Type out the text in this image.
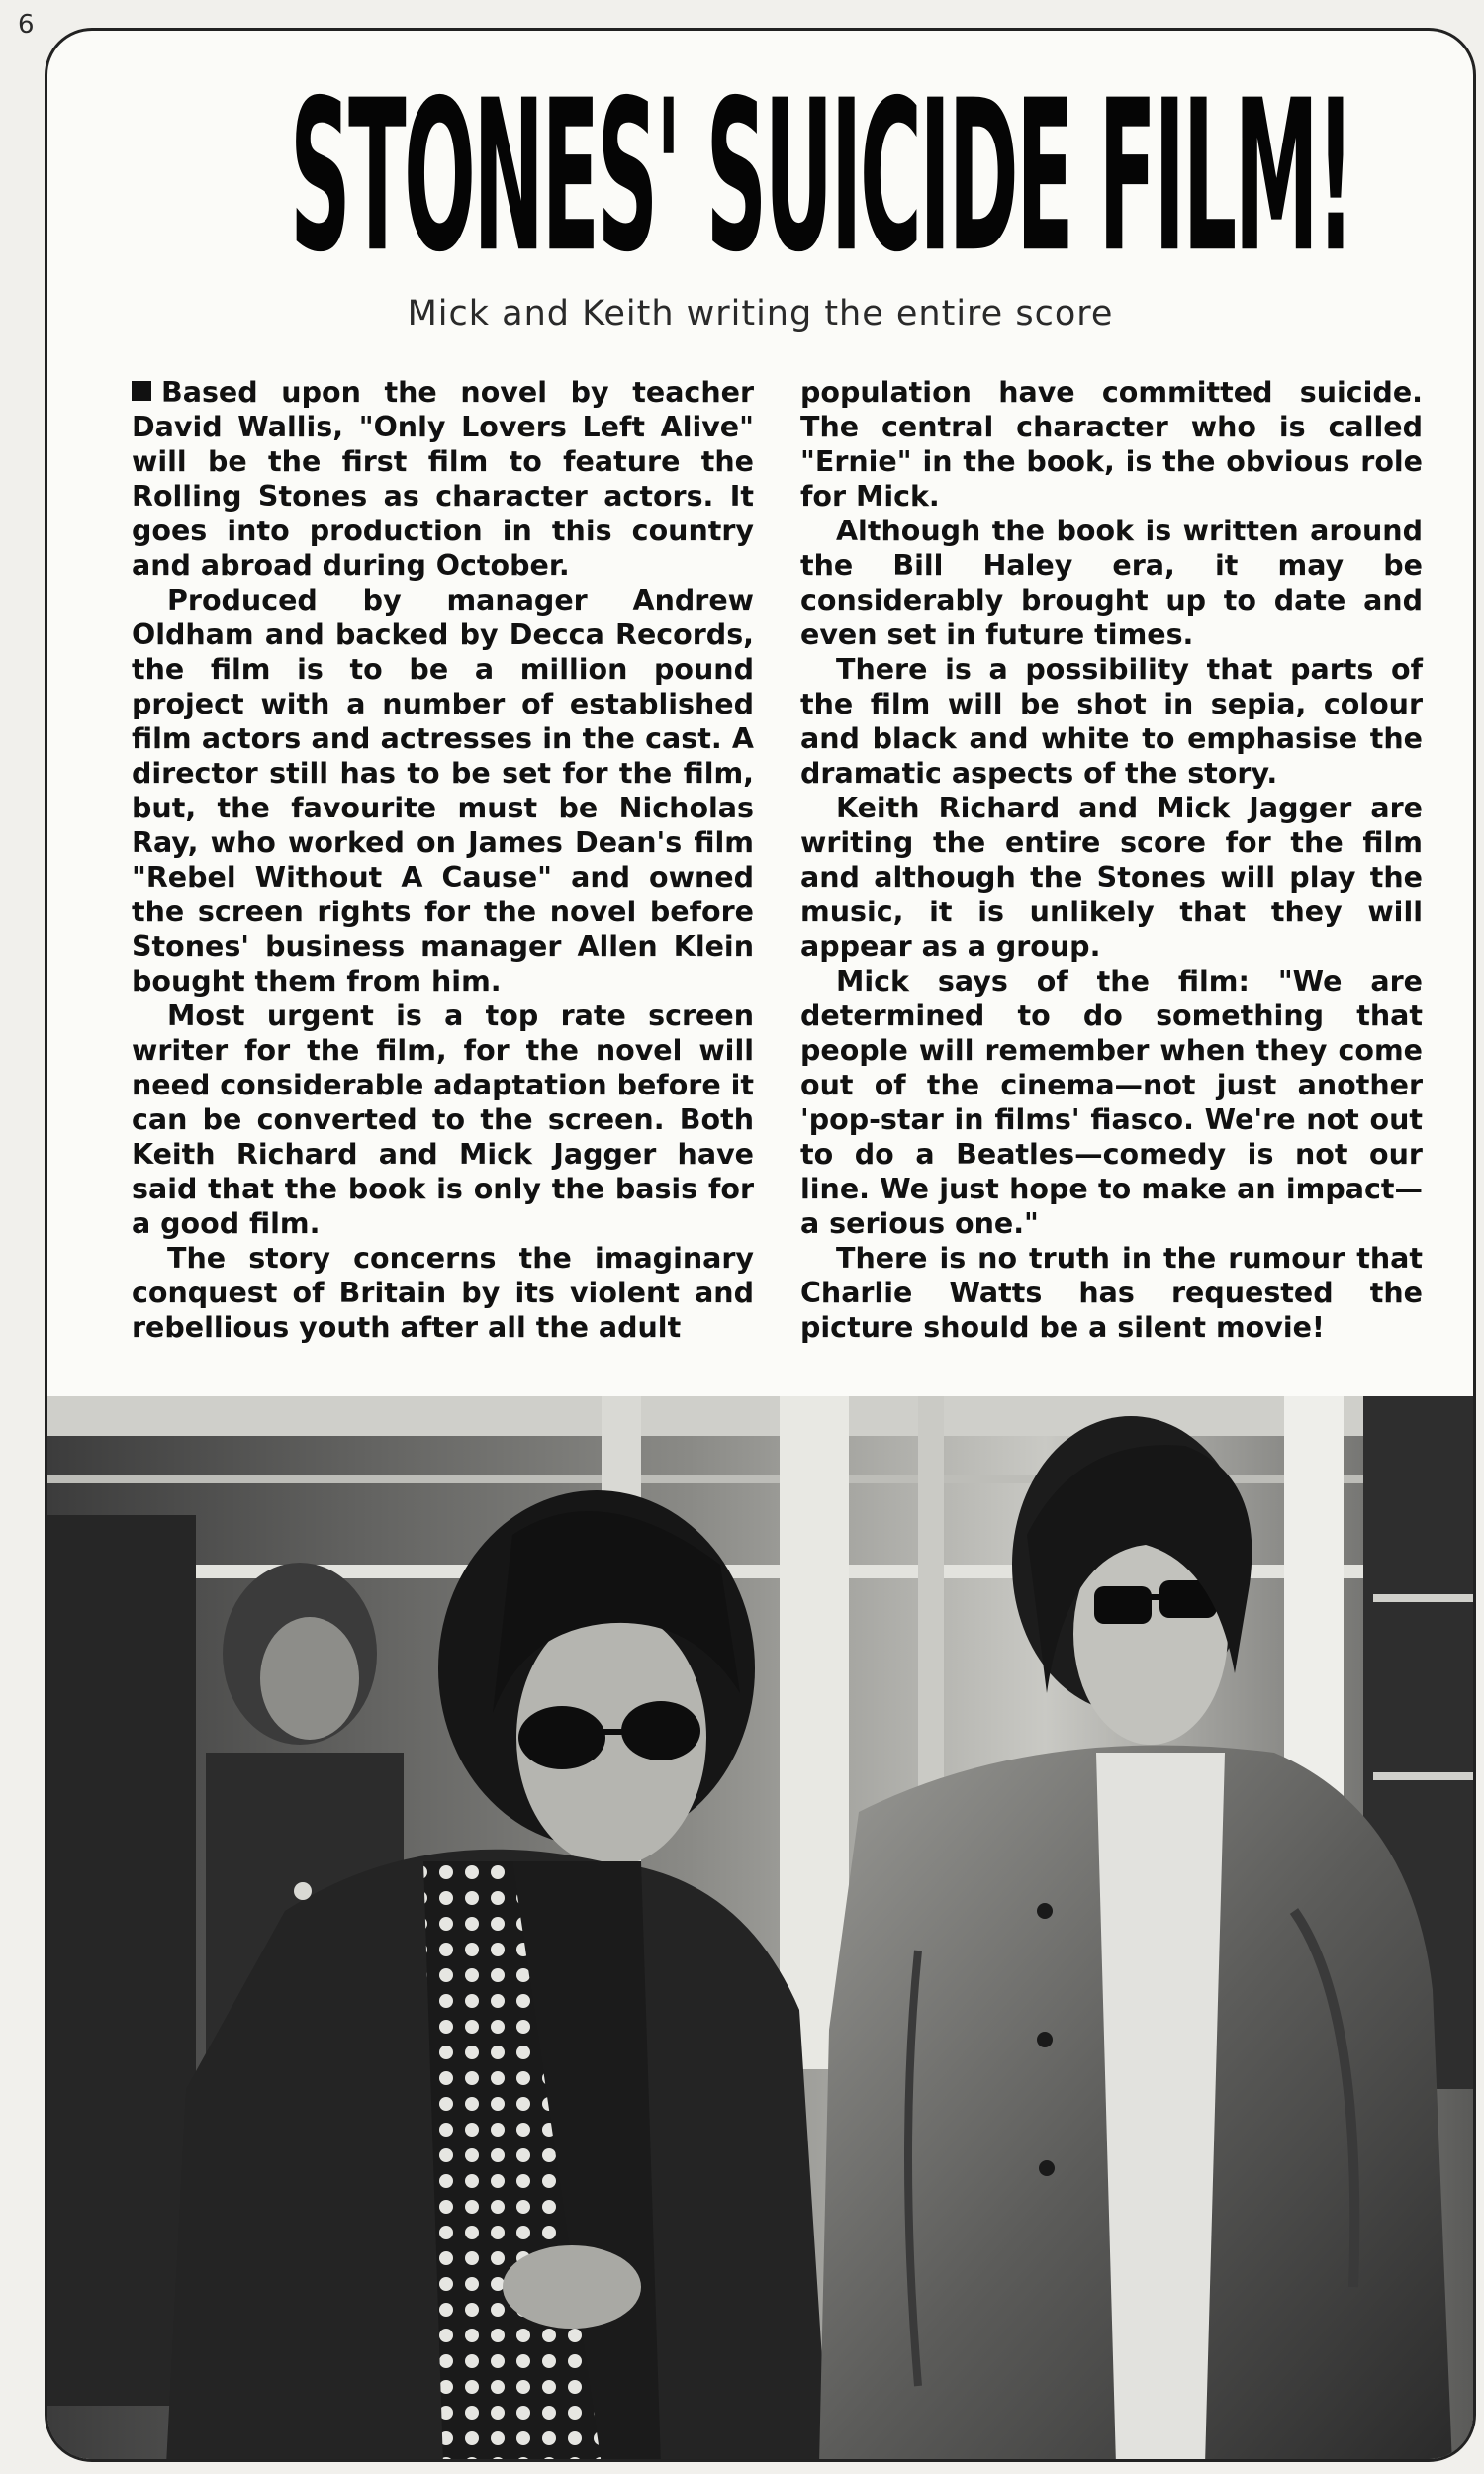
6
STONES' SUICIDE FILM!
Mick and Keith writing the entire score

Based upon the novel by teacher David Wallis, "Only Lovers Left Alive" will be the first film to feature the Rolling Stones as character actors. It goes into production in this country and abroad during October.

Produced by manager Andrew Oldham and backed by Decca Records, the film is to be a million pound project with a number of established film actors and actresses in the cast. A director still has to be set for the film, but, the favourite must be Nicholas Ray, who worked on James Dean's film "Rebel Without A Cause" and owned the screen rights for the novel before Stones' business manager Allen Klein bought them from him.

Most urgent is a top rate screen writer for the film, for the novel will need considerable adaptation before it can be converted to the screen. Both Keith Richard and Mick Jagger have said that the book is only the basis for a good film.

The story concerns the imaginary conquest of Britain by its violent and rebellious youth after all the adult

population have committed suicide. The central character who is called "Ernie" in the book, is the obvious role for Mick.

Although the book is written around the Bill Haley era, it may be considerably brought up to date and even set in future times.

There is a possibility that parts of the film will be shot in sepia, colour and black and white to emphasise the dramatic aspects of the story.

Keith Richard and Mick Jagger are writing the entire score for the film and although the Stones will play the music, it is unlikely that they will appear as a group.

Mick says of the film: "We are determined to do something that people will remember when they come out of the cinema—not just another 'pop-star in films' fiasco. We're not out to do a Beatles—comedy is not our line. We just hope to make an impact—a serious one."

There is no truth in the rumour that Charlie Watts has requested the picture should be a silent movie!
